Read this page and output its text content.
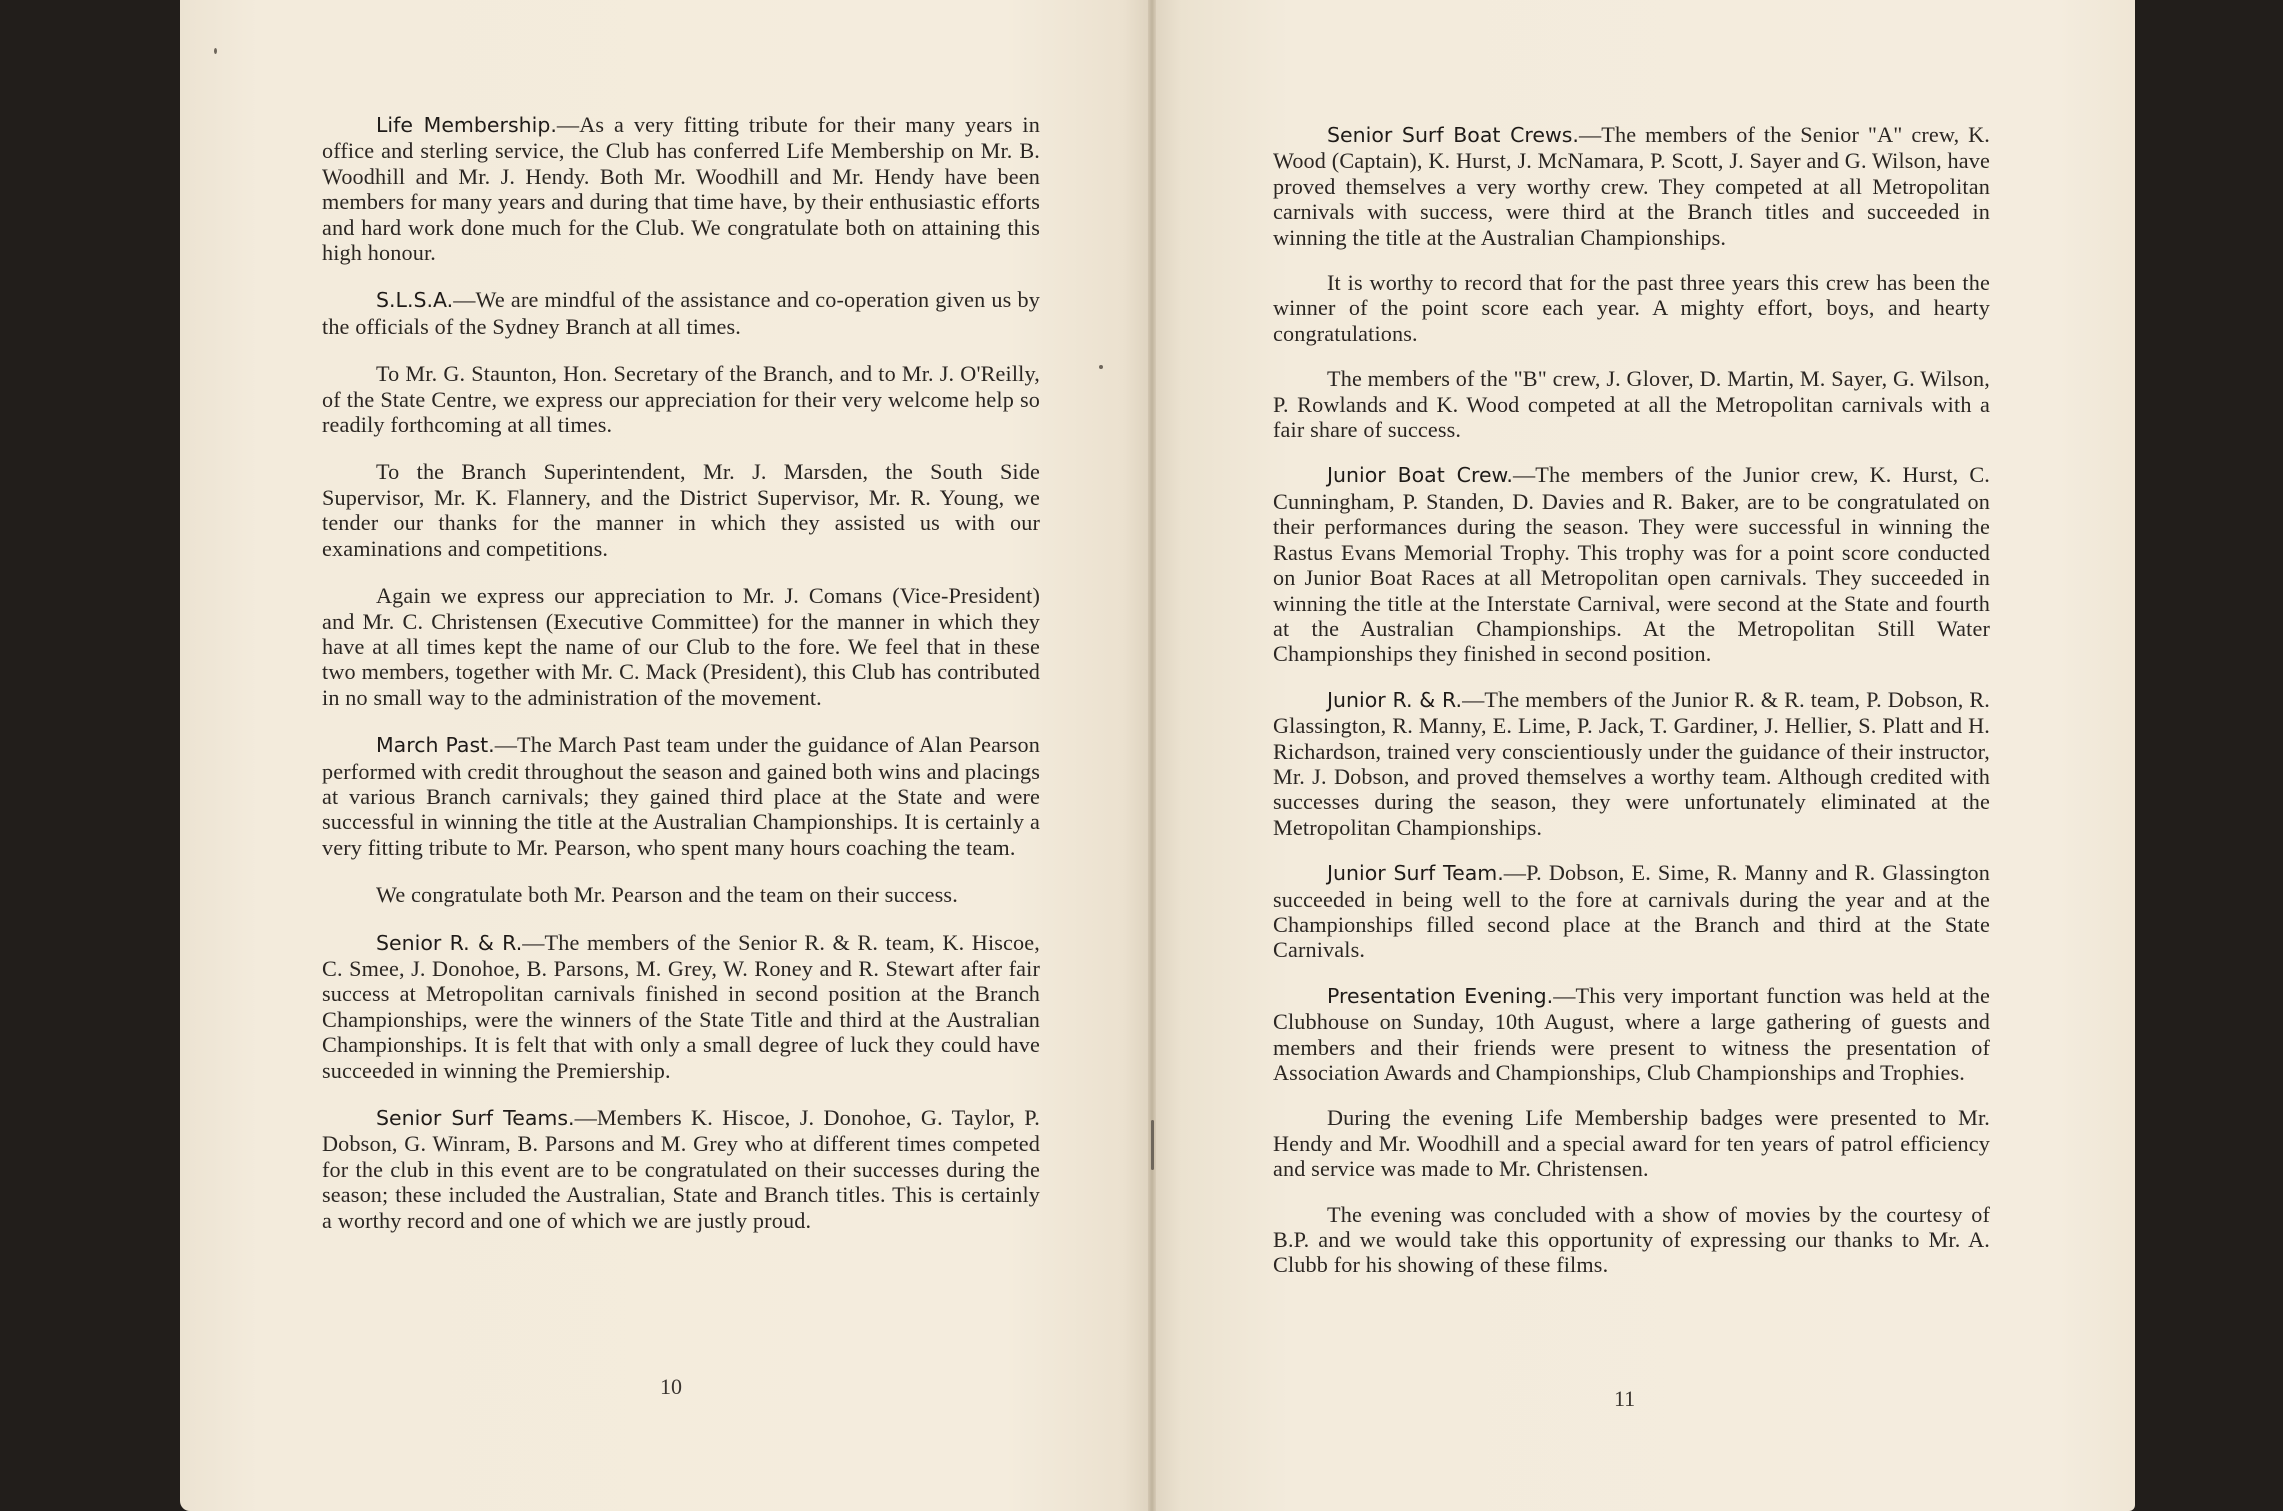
Life Membership.—As a very fitting tribute for their many years in office and sterling service, the Club has conferred Life Membership on Mr. B. Woodhill and Mr. J. Hendy. Both Mr. Woodhill and Mr. Hendy have been members for many years and during that time have, by their enthusiastic efforts and hard work done much for the Club. We congratulate both on attaining this high honour.

S.L.S.A.—We are mindful of the assistance and co-operation given us by the officials of the Sydney Branch at all times.

To Mr. G. Staunton, Hon. Secretary of the Branch, and to Mr. J. O'Reilly, of the State Centre, we express our appreciation for their very welcome help so readily forthcoming at all times.

To the Branch Superintendent, Mr. J. Marsden, the South Side Supervisor, Mr. K. Flannery, and the District Supervisor, Mr. R. Young, we tender our thanks for the manner in which they assisted us with our examinations and competitions.

Again we express our appreciation to Mr. J. Comans (Vice-President) and Mr. C. Christensen (Executive Committee) for the manner in which they have at all times kept the name of our Club to the fore. We feel that in these two members, together with Mr. C. Mack (President), this Club has contributed in no small way to the administration of the movement.

March Past.—The March Past team under the guidance of Alan Pearson performed with credit throughout the season and gained both wins and placings at various Branch carnivals; they gained third place at the State and were successful in winning the title at the Australian Championships. It is certainly a very fitting tribute to Mr. Pearson, who spent many hours coaching the team.

We congratulate both Mr. Pearson and the team on their success.

Senior R. & R.—The members of the Senior R. & R. team, K. Hiscoe, C. Smee, J. Donohoe, B. Parsons, M. Grey, W. Roney and R. Stewart after fair success at Metropolitan carnivals finished in second position at the Branch Championships, were the winners of the State Title and third at the Australian Championships. It is felt that with only a small degree of luck they could have succeeded in winning the Premiership.

Senior Surf Teams.—Members K. Hiscoe, J. Donohoe, G. Taylor, P. Dobson, G. Winram, B. Parsons and M. Grey who at different times competed for the club in this event are to be congratulated on their successes during the season; these included the Australian, State and Branch titles. This is certainly a worthy record and one of which we are justly proud.

10

Senior Surf Boat Crews.—The members of the Senior "A" crew, K. Wood (Captain), K. Hurst, J. McNamara, P. Scott, J. Sayer and G. Wilson, have proved themselves a very worthy crew. They competed at all Metropolitan carnivals with success, were third at the Branch titles and succeeded in winning the title at the Australian Championships.

It is worthy to record that for the past three years this crew has been the winner of the point score each year. A mighty effort, boys, and hearty congratulations.

The members of the "B" crew, J. Glover, D. Martin, M. Sayer, G. Wilson, P. Rowlands and K. Wood competed at all the Metropolitan carnivals with a fair share of success.

Junior Boat Crew.—The members of the Junior crew, K. Hurst, C. Cunningham, P. Standen, D. Davies and R. Baker, are to be congratulated on their performances during the season. They were successful in winning the Rastus Evans Memorial Trophy. This trophy was for a point score conducted on Junior Boat Races at all Metropolitan open carnivals. They succeeded in winning the title at the Interstate Carnival, were second at the State and fourth at the Australian Championships. At the Metropolitan Still Water Championships they finished in second position.

Junior R. & R.—The members of the Junior R. & R. team, P. Dobson, R. Glassington, R. Manny, E. Lime, P. Jack, T. Gardiner, J. Hellier, S. Platt and H. Richardson, trained very conscientiously under the guidance of their instructor, Mr. J. Dobson, and proved themselves a worthy team. Although credited with successes during the season, they were unfortunately eliminated at the Metropolitan Championships.

Junior Surf Team.—P. Dobson, E. Sime, R. Manny and R. Glassington succeeded in being well to the fore at carnivals during the year and at the Championships filled second place at the Branch and third at the State Carnivals.

Presentation Evening.—This very important function was held at the Clubhouse on Sunday, 10th August, where a large gathering of guests and members and their friends were present to witness the presentation of Association Awards and Championships, Club Championships and Trophies.

During the evening Life Membership badges were presented to Mr. Hendy and Mr. Woodhill and a special award for ten years of patrol efficiency and service was made to Mr. Christensen.

The evening was concluded with a show of movies by the courtesy of B.P. and we would take this opportunity of expressing our thanks to Mr. A. Clubb for his showing of these films.

11
